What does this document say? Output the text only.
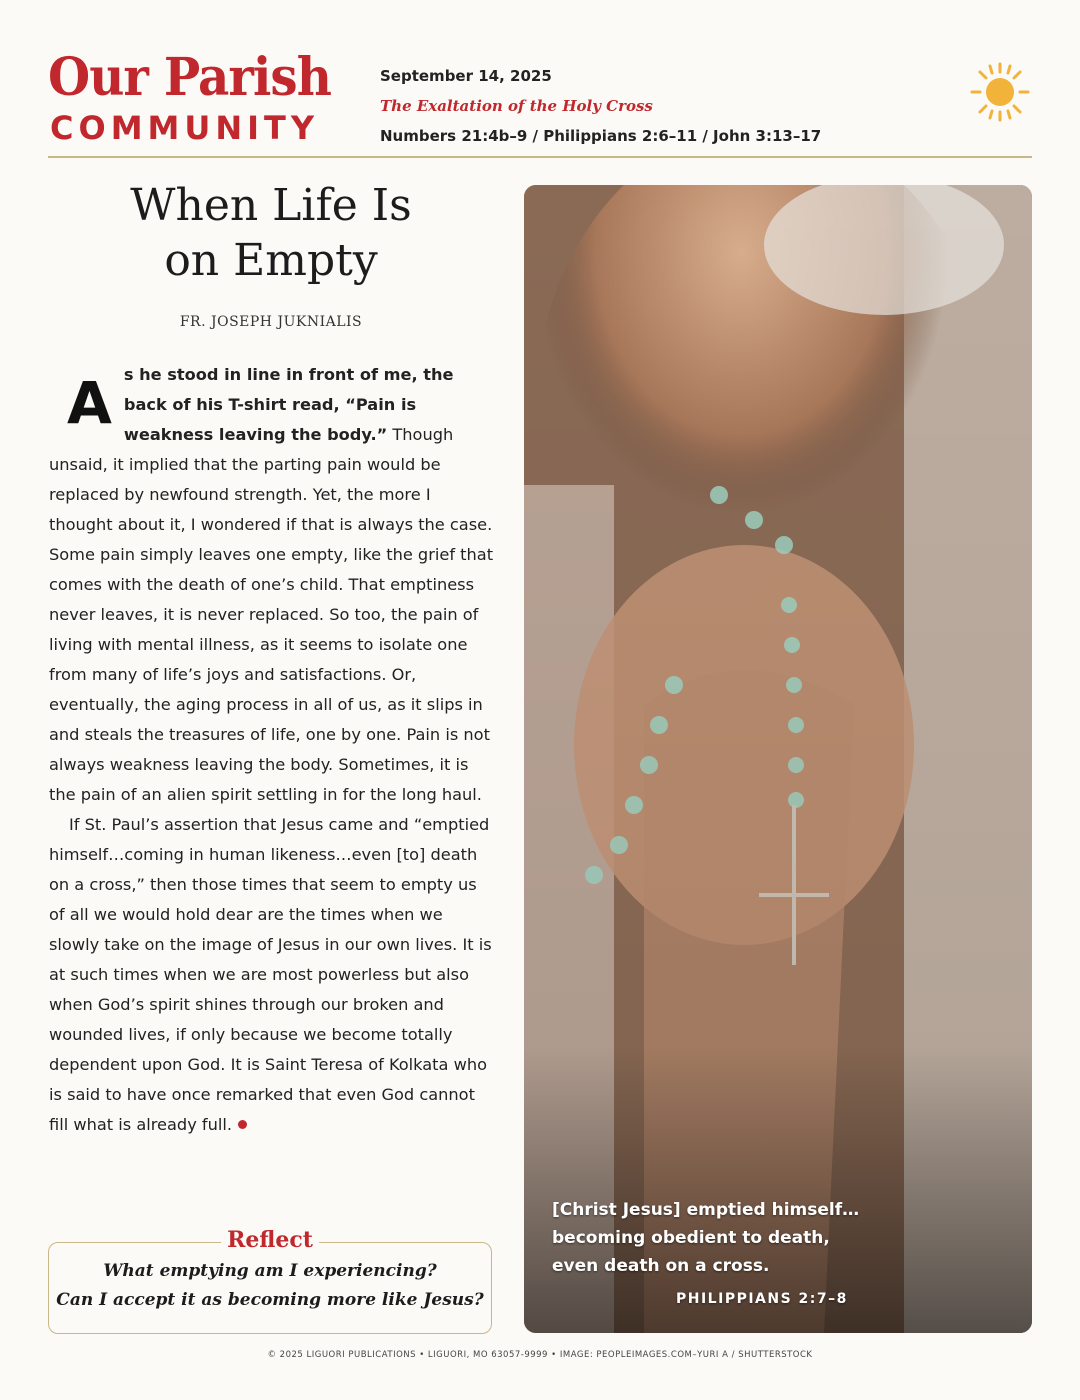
Our Parish
COMMUNITY
September 14, 2025
The Exaltation of the Holy Cross
Numbers 21:4b–9 / Philippians 2:6–11 / John 3:13–17
When Life Is
on Empty
FR. JOSEPH JUKNIALIS

A s he stood in line in front of me, the back of his T-shirt read, “Pain is weakness leaving the body.” Though unsaid, it implied that the parting pain would be replaced by newfound strength. Yet, the more I thought about it, I wondered if that is always the case. Some pain simply leaves one empty, like the grief that comes with the death of one’s child. That emptiness never leaves, it is never replaced. So too, the pain of living with mental illness, as it seems to isolate one from many of life’s joys and satisfactions. Or, eventually, the aging process in all of us, as it slips in and steals the treasures of life, one by one. Pain is not always weakness leaving the body. Sometimes, it is the pain of an alien spirit settling in for the long haul.

If St. Paul’s assertion that Jesus came and “emptied himself…coming in human likeness…even [to] death on a cross,” then those times that seem to empty us of all we would hold dear are the times when we slowly take on the image of Jesus in our own lives. It is at such times when we are most powerless but also when God’s spirit shines through our broken and wounded lives, if only because we become totally dependent upon God. It is Saint Teresa of Kolkata who is said to have once remarked that even God cannot fill what is already full.

Reflect
What emptying am I experiencing?
Can I accept it as becoming more like Jesus?
[Christ Jesus] emptied himself…
becoming obedient to death,
even death on a cross.
PHILIPPIANS 2:7–8
© 2025 LIGUORI PUBLICATIONS • LIGUORI, MO 63057-9999 • IMAGE: PEOPLEIMAGES.COM–YURI A / SHUTTERSTOCK
